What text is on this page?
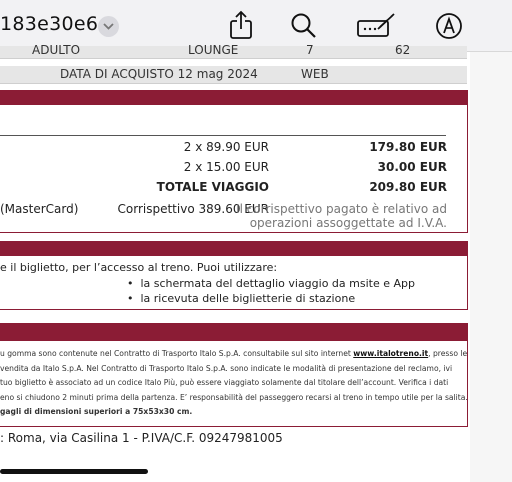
183e30e6
ADULTO	LOUNGE	7	62
DATA DI ACQUISTO 12 mag 2024	WEB
2 x 89.90 EUR	179.80 EUR
2 x 15.00 EUR	30.00 EUR
TOTALE VIAGGIO	209.80 EUR
(MasterCard)	Corrispettivo 389.60 EUR
Il corrispettivo pagato è relativo ad
operazioni assoggettate ad I.V.A.
e il biglietto, per l’accesso al treno. Puoi utilizzare:
•  la schermata del dettaglio viaggio da msite e App
•  la ricevuta delle biglietterie di stazione
u gomma sono contenute nel Contratto di Trasporto Italo S.p.A. consultabile sul sito internet www.italotreno.it, presso le
vendita da Italo S.p.A. Nel Contratto di Trasporto Italo S.p.A. sono indicate le modalità di presentazione del reclamo, ivi
tuo biglietto è associato ad un codice Italo Più, può essere viaggiato solamente dal titolare dell’account. Verifica i dati
eno si chiudono 2 minuti prima della partenza. E’ responsabilità del passeggero recarsi al treno in tempo utile per la salita.
gagli di dimensioni superiori a 75x53x30 cm.
: Roma, via Casilina 1 - P.IVA/C.F. 09247981005
